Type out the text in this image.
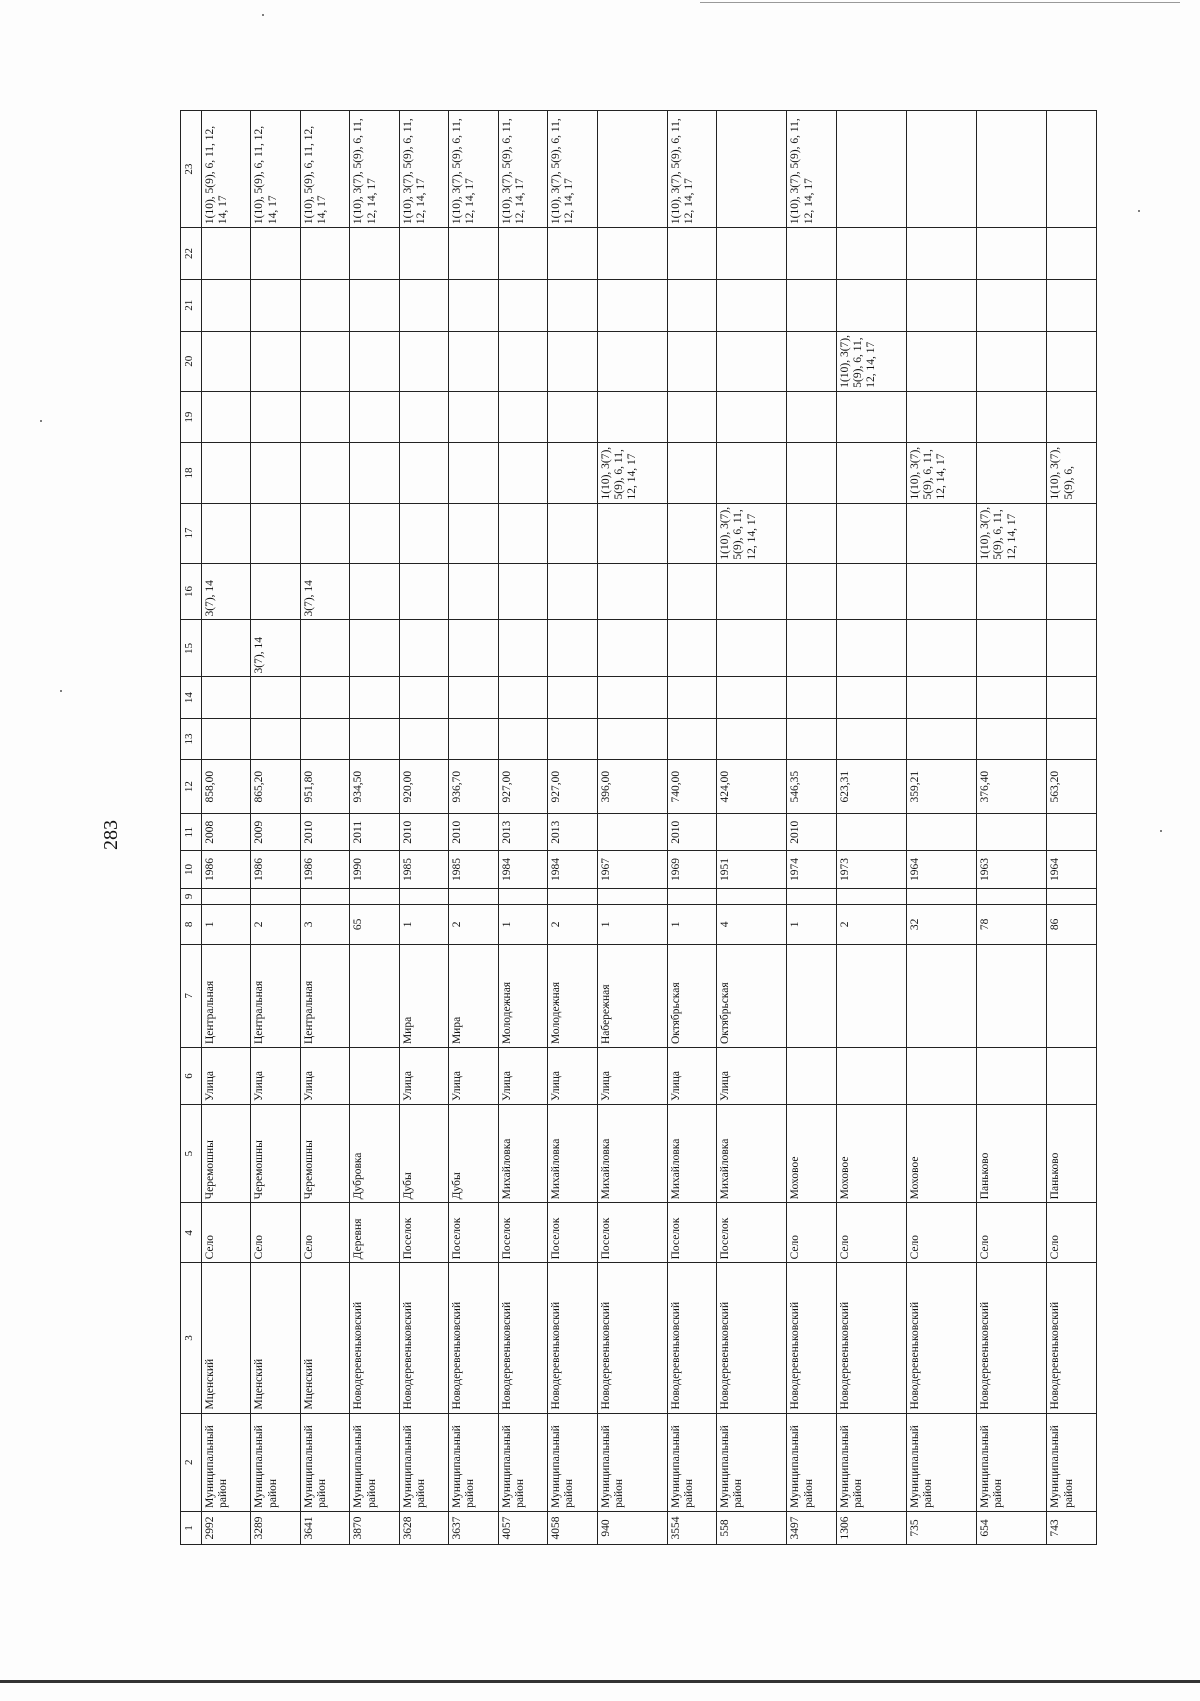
283
1	2	3	4	5	6	7	8	9	10	11	12	13	14	15	16	17	18	19	20	21	22	23
2992	Муниципальный район	Мценский	Село	Черемошны	Улица	Центральная	1		1986	2008	858,00				3(7), 14							1(10), 5(9), 6, 11, 12, 14, 17
3289	Муниципальный район	Мценский	Село	Черемошны	Улица	Центральная	2		1986	2009	865,20			3(7), 14								1(10), 5(9), 6, 11, 12, 14, 17
3641	Муниципальный район	Мценский	Село	Черемошны	Улица	Центральная	3		1986	2010	951,80				3(7), 14							1(10), 5(9), 6, 11, 12, 14, 17
3870	Муниципальный район	Новодеревеньковский	Деревня	Дубровка			65		1990	2011	934,50											1(10), 3(7), 5(9), 6, 11, 12, 14, 17
3628	Муниципальный район	Новодеревеньковский	Поселок	Дубы	Улица	Мира	1		1985	2010	920,00											1(10), 3(7), 5(9), 6, 11, 12, 14, 17
3637	Муниципальный район	Новодеревеньковский	Поселок	Дубы	Улица	Мира	2		1985	2010	936,70											1(10), 3(7), 5(9), 6, 11, 12, 14, 17
4057	Муниципальный район	Новодеревеньковский	Поселок	Михайловка	Улица	Молодежная	1		1984	2013	927,00											1(10), 3(7), 5(9), 6, 11, 12, 14, 17
4058	Муниципальный район	Новодеревеньковский	Поселок	Михайловка	Улица	Молодежная	2		1984	2013	927,00											1(10), 3(7), 5(9), 6, 11, 12, 14, 17
940	Муниципальный район	Новодеревеньковский	Поселок	Михайловка	Улица	Набережная	1		1967		396,00						1(10), 3(7), 5(9), 6, 11, 12, 14, 17					
3554	Муниципальный район	Новодеревеньковский	Поселок	Михайловка	Улица	Октябрьская	1		1969	2010	740,00											1(10), 3(7), 5(9), 6, 11, 12, 14, 17
558	Муниципальный район	Новодеревеньковский	Поселок	Михайловка	Улица	Октябрьская	4		1951		424,00					1(10), 3(7), 5(9), 6, 11, 12, 14, 17						
3497	Муниципальный район	Новодеревеньковский	Село	Моховое			1		1974	2010	546,35											1(10), 3(7), 5(9), 6, 11, 12, 14, 17
1306	Муниципальный район	Новодеревеньковский	Село	Моховое			2		1973		623,31								1(10), 3(7), 5(9), 6, 11, 12, 14, 17			
735	Муниципальный район	Новодеревеньковский	Село	Моховое			32		1964		359,21						1(10), 3(7), 5(9), 6, 11, 12, 14, 17					
654	Муниципальный район	Новодеревеньковский	Село	Паньково			78		1963		376,40					1(10), 3(7), 5(9), 6, 11, 12, 14, 17						
743	Муниципальный район	Новодеревеньковский	Село	Паньково			86		1964		563,20						1(10), 3(7), 5(9), 6,					
